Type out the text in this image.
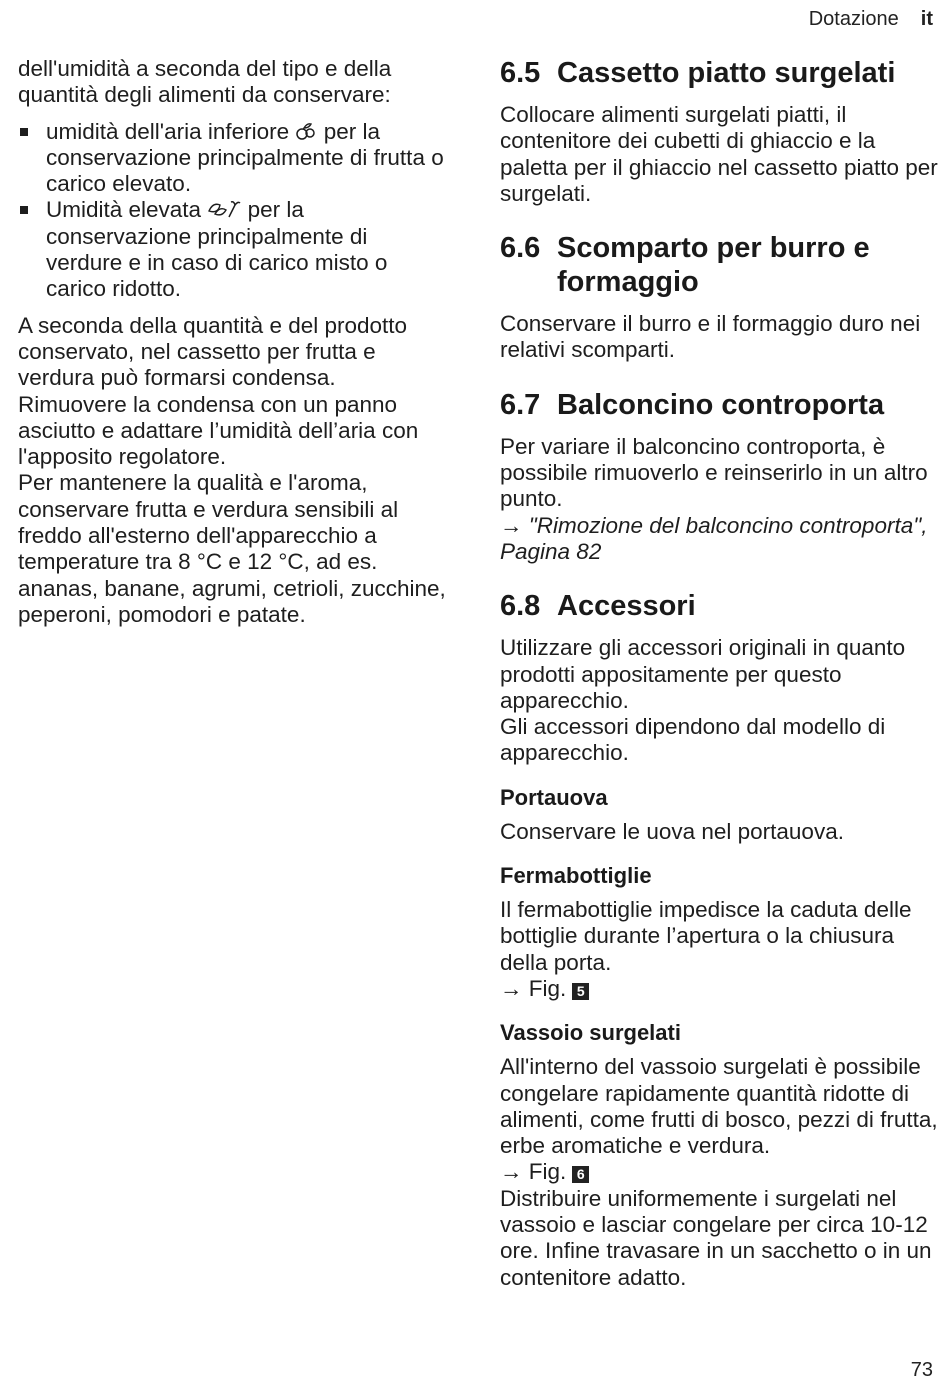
Dotazione it

dell'umidità a seconda del tipo e della quantità degli alimenti da conservare:

umidità dell'aria inferiore per la conservazione principalmente di frutta o carico elevato.
Umidità elevata per la conservazione principalmente di verdure e in caso di carico misto o carico ridotto.

A seconda della quantità e del prodotto conservato, nel cassetto per frutta e verdura può formarsi condensa.

Rimuovere la condensa con un panno asciutto e adattare l’umidità dell’aria con l'apposito regolatore.

Per mantenere la qualità e l'aroma, conservare frutta e verdura sensibili al freddo all'esterno dell'apparecchio a temperature tra 8 °C e 12 °C, ad es. ananas, banane, agrumi, cetrioli, zucchine, peperoni, pomodori e patate.

6.5 Cassetto piatto surgelati

Collocare alimenti surgelati piatti, il contenitore dei cubetti di ghiaccio e la paletta per il ghiaccio nel cassetto piatto per surgelati.

6.6 Scomparto per burro e formaggio

Conservare il burro e il formaggio duro nei relativi scomparti.

6.7 Balconcino controporta

Per variare il balconcino controporta, è possibile rimuoverlo e reinserirlo in un altro punto.

→ "Rimozione del balconcino controporta", Pagina 82

6.8 Accessori

Utilizzare gli accessori originali in quanto prodotti appositamente per questo apparecchio.

Gli accessori dipendono dal modello di apparecchio.

Portauova

Conservare le uova nel portauova.

Fermabottiglie

Il fermabottiglie impedisce la caduta delle bottiglie durante l’apertura o la chiusura della porta.

→ Fig. 5

Vassoio surgelati

All'interno del vassoio surgelati è possibile congelare rapidamente quantità ridotte di alimenti, come frutti di bosco, pezzi di frutta, erbe aromatiche e verdura.

→ Fig. 6

Distribuire uniformemente i surgelati nel vassoio e lasciar congelare per circa 10-12 ore. Infine travasare in un sacchetto o in un contenitore adatto.

73
